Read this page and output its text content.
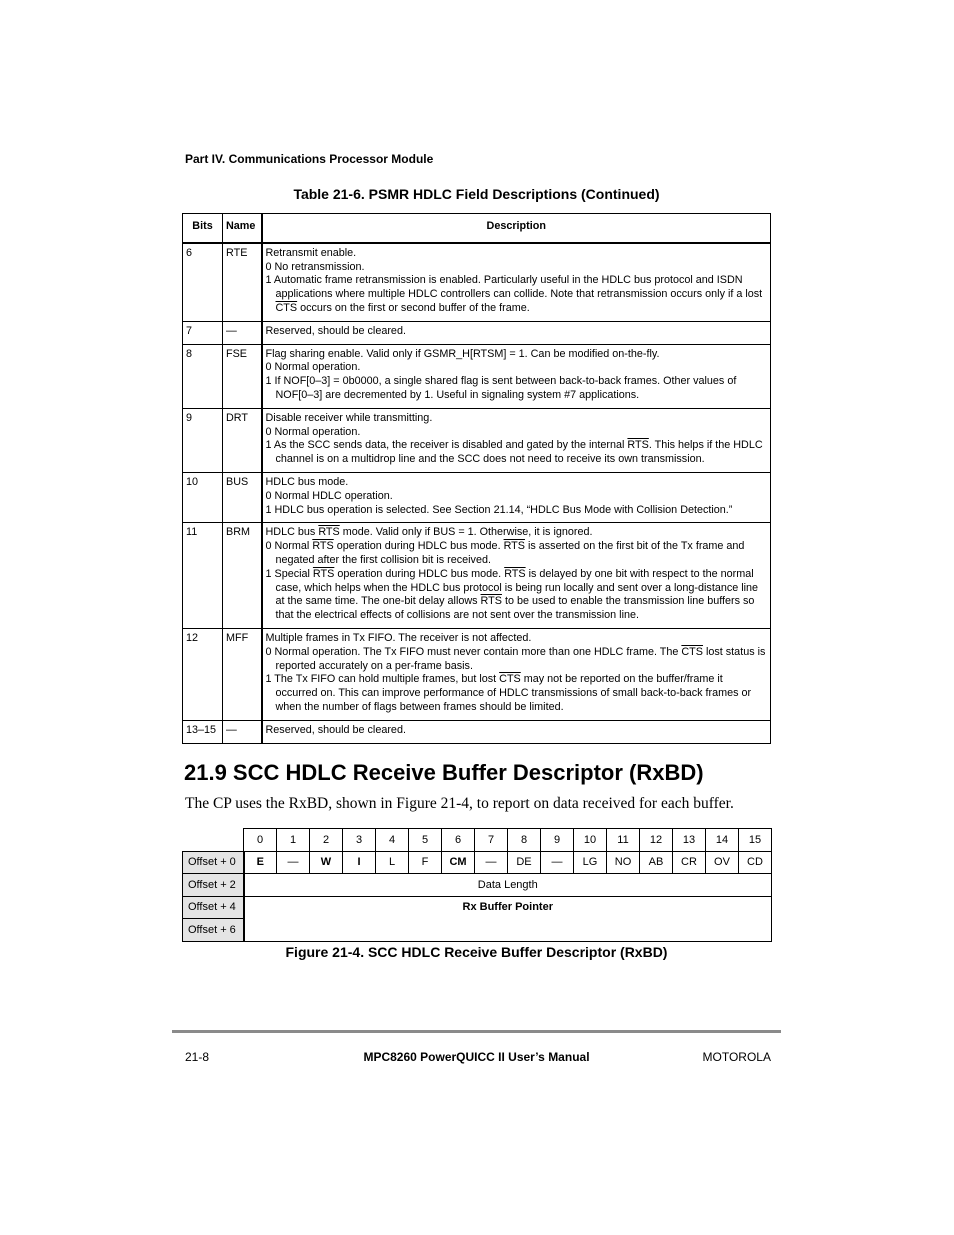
Part IV. Communications Processor Module
Table 21-6. PSMR HDLC Field Descriptions (Continued)
Bits	Name	Description
6	RTE	Retransmit enable.
0 No retransmission.
1 Automatic frame retransmission is enabled. Particularly useful in the HDLC bus protocol and ISDN applications where multiple HDLC controllers can collide. Note that retransmission occurs only if a lost $\overline{CTS}$ occurs on the first or second buffer of the frame.

7	—	Reserved, should be cleared.

8	FSE	Flag sharing enable. Valid only if GSMR_H[RTSM] = 1. Can be modified on-the-fly.
0 Normal operation.
1 If NOF[0–3] = 0b0000, a single shared flag is sent between back-to-back frames. Other values of NOF[0–3] are decremented by 1. Useful in signaling system #7 applications.

9	DRT	Disable receiver while transmitting.
0 Normal operation.
1 As the SCC sends data, the receiver is disabled and gated by the internal $\overline{RTS}$. This helps if the HDLC channel is on a multidrop line and the SCC does not need to receive its own transmission.

10	BUS	HDLC bus mode.
0 Normal HDLC operation.
1 HDLC bus operation is selected. See Section 21.14, “HDLC Bus Mode with Collision Detection.”

11	BRM	HDLC bus $\overline{RTS}$ mode. Valid only if BUS = 1. Otherwise, it is ignored.
0 Normal $\overline{RTS}$ operation during HDLC bus mode. $\overline{RTS}$ is asserted on the first bit of the Tx frame and negated after the first collision bit is received.
1 Special $\overline{RTS}$ operation during HDLC bus mode. $\overline{RTS}$ is delayed by one bit with respect to the normal case, which helps when the HDLC bus protocol is being run locally and sent over a long-distance line at the same time. The one-bit delay allows $\overline{RTS}$ to be used to enable the transmission line buffers so that the electrical effects of collisions are not sent over the transmission line.

12	MFF	Multiple frames in Tx FIFO. The receiver is not affected.
0 Normal operation. The Tx FIFO must never contain more than one HDLC frame. The $\overline{CTS}$ lost status is reported accurately on a per-frame basis.
1 The Tx FIFO can hold multiple frames, but lost $\overline{CTS}$ may not be reported on the buffer/frame it occurred on. This can improve performance of HDLC transmissions of small back-to-back frames or when the number of flags between frames should be limited.

13–15	—	Reserved, should be cleared.
21.9 SCC HDLC Receive Buffer Descriptor (RxBD)
The CP uses the RxBD, shown in Figure 21-4, to report on data received for each buffer.
	0	1	2	3	4	5	6	7	8	9	10	11	12	13	14	15
Offset + 0	E	—	W	I	L	F	CM	—	DE	—	LG	NO	AB	CR	OV	CD
Offset + 2	Data Length															
Offset + 4	Rx Buffer Pointer															
Offset + 6																
Figure 21-4. SCC HDLC Receive Buffer Descriptor (RxBD)
21-8	MPC8260 PowerQUICC II User’s Manual	MOTOROLA
